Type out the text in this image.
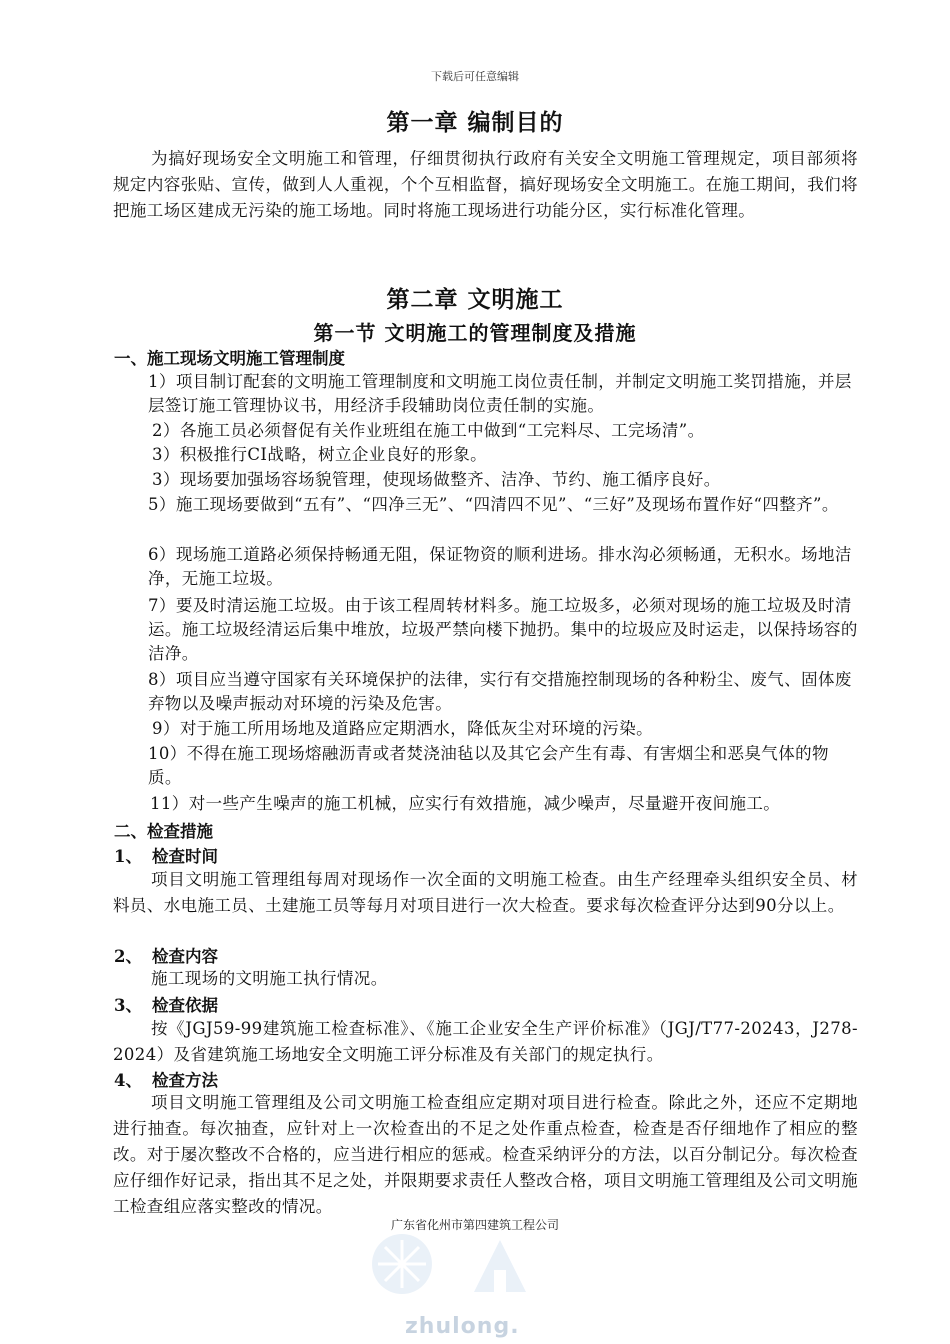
下载后可任意编辑
第一章 编制目的
为搞好现场安全文明施工和管理，仔细贯彻执行政府有关安全文明施工管理规定，项目部须将规定内容张贴、宣传，做到人人重视，个个互相监督，搞好现场安全文明施工。在施工期间，我们将把施工场区建成无污染的施工场地。同时将施工现场进行功能分区，实行标准化管理。
第二章 文明施工
第一节 文明施工的管理制度及措施
一、施工现场文明施工管理制度
1）项目制订配套的文明施工管理制度和文明施工岗位责任制，并制定文明施工奖罚措施，并层层签订施工管理协议书，用经济手段辅助岗位责任制的实施。
2）各施工员必须督促有关作业班组在施工中做到“工完料尽、工完场清”。
3）积极推行CI战略，树立企业良好的形象。
3）现场要加强场容场貌管理，使现场做整齐、洁净、节约、施工循序良好。
5）施工现场要做到“五有”、“四净三无”、“四清四不见”、“三好”及现场布置作好“四整齐”。
6）现场施工道路必须保持畅通无阻，保证物资的顺利进场。排水沟必须畅通，无积水。场地洁净，无施工垃圾。
7）要及时清运施工垃圾。由于该工程周转材料多。施工垃圾多，必须对现场的施工垃圾及时清运。施工垃圾经清运后集中堆放，垃圾严禁向楼下抛扔。集中的垃圾应及时运走，以保持场容的洁净。
8）项目应当遵守国家有关环境保护的法律，实行有交措施控制现场的各种粉尘、废气、固体废弃物以及噪声振动对环境的污染及危害。
9）对于施工所用场地及道路应定期洒水，降低灰尘对环境的污染。
10）不得在施工现场熔融沥青或者焚浇油毡以及其它会产生有毒、有害烟尘和恶臭气体的物质。
11）对一些产生噪声的施工机械，应实行有效措施，减少噪声，尽量避开夜间施工。
二、检查措施
1、 检查时间
项目文明施工管理组每周对现场作一次全面的文明施工检查。由生产经理牵头组织安全员、材料员、水电施工员、土建施工员等每月对项目进行一次大检查。要求每次检查评分达到90分以上。
2、 检查内容
施工现场的文明施工执行情况。
3、 检查依据
按《JGJ59-99建筑施工检查标准》、《施工企业安全生产评价标准》（JGJ/T77-20243，J278-2024）及省建筑施工场地安全文明施工评分标准及有关部门的规定执行。
4、 检查方法
项目文明施工管理组及公司文明施工检查组应定期对项目进行检查。除此之外，还应不定期地进行抽查。每次抽查，应针对上一次检查出的不足之处作重点检查，检查是否仔细地作了相应的整改。对于屡次整改不合格的，应当进行相应的惩戒。检查采纳评分的方法，以百分制记分。每次检查应仔细作好记录，指出其不足之处，并限期要求责任人整改合格，项目文明施工管理组及公司文明施工检查组应落实整改的情况。
广东省化州市第四建筑工程公司
zhulong.
